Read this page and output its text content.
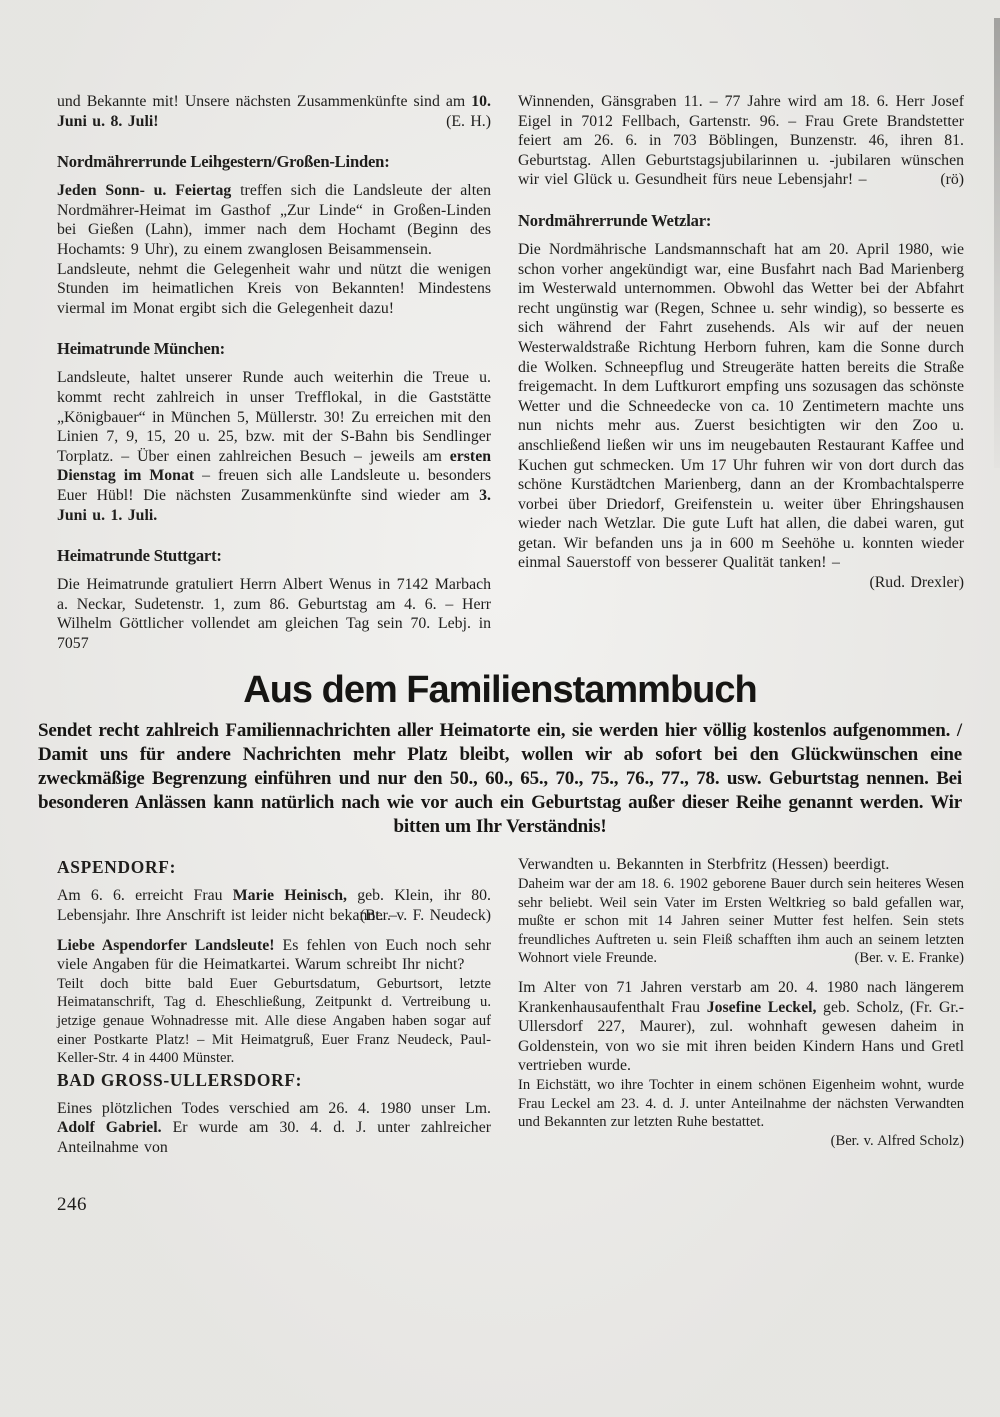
und Bekannte mit! Unsere nächsten Zusammenkünfte sind am 10. Juni u. 8. Juli!	(E. H.)
Nordmährerrunde Leihgestern/Großen-Linden:
Jeden Sonn- u. Feiertag treffen sich die Landsleute der alten Nordmährer-Heimat im Gasthof „Zur Linde“ in Großen-Linden bei Gießen (Lahn), immer nach dem Hochamt (Beginn des Hochamts: 9 Uhr), zu einem zwanglosen Beisammensein.
Landsleute, nehmt die Gelegenheit wahr und nützt die wenigen Stunden im heimatlichen Kreis von Bekannten! Mindestens viermal im Monat ergibt sich die Gelegenheit dazu!
Heimatrunde München:
Landsleute, haltet unserer Runde auch weiterhin die Treue u. kommt recht zahlreich in unser Trefflokal, in die Gaststätte „Königbauer“ in München 5, Müllerstr. 30! Zu erreichen mit den Linien 7, 9, 15, 20 u. 25, bzw. mit der S-Bahn bis Sendlinger Torplatz. – Über einen zahlreichen Besuch – jeweils am ersten Dienstag im Monat – freuen sich alle Landsleute u. besonders Euer Hübl! Die nächsten Zusammenkünfte sind wieder am 3. Juni u. 1. Juli.
Heimatrunde Stuttgart:
Die Heimatrunde gratuliert Herrn Albert Wenus in 7142 Marbach a. Neckar, Sudetenstr. 1, zum 86. Geburtstag am 4. 6. – Herr Wilhelm Göttlicher vollendet am gleichen Tag sein 70. Lebj. in 7057
Winnenden, Gänsgraben 11. – 77 Jahre wird am 18. 6. Herr Josef Eigel in 7012 Fellbach, Gartenstr. 96. – Frau Grete Brandstetter feiert am 26. 6. in 703 Böblingen, Bunzenstr. 46, ihren 81. Geburtstag. Allen Geburtstagsjubilarinnen u. -jubilaren wünschen wir viel Glück u. Gesundheit fürs neue Lebensjahr! –	(rö)
Nordmährerrunde Wetzlar:
Die Nordmährische Landsmannschaft hat am 20. April 1980, wie schon vorher angekündigt war, eine Busfahrt nach Bad Marienberg im Westerwald unternommen. Obwohl das Wetter bei der Abfahrt recht ungünstig war (Regen, Schnee u. sehr windig), so besserte es sich während der Fahrt zusehends. Als wir auf der neuen Westerwaldstraße Richtung Herborn fuhren, kam die Sonne durch die Wolken. Schneepflug und Streugeräte hatten bereits die Straße freigemacht. In dem Luftkurort empfing uns sozusagen das schönste Wetter und die Schneedecke von ca. 10 Zentimetern machte uns nun nichts mehr aus. Zuerst besichtigten wir den Zoo u. anschließend ließen wir uns im neugebauten Restaurant Kaffee und Kuchen gut schmecken. Um 17 Uhr fuhren wir von dort durch das schöne Kurstädtchen Marienberg, dann an der Krombachtalsperre vorbei über Driedorf, Greifenstein u. weiter über Ehringshausen wieder nach Wetzlar. Die gute Luft hat allen, die dabei waren, gut getan. Wir befanden uns ja in 600 m Seehöhe u. konnten wieder einmal Sauerstoff von besserer Qualität tanken! –
(Rud. Drexler)
Aus dem Familienstammbuch
Sendet recht zahlreich Familiennachrichten aller Heimatorte ein, sie werden hier völlig kostenlos aufgenommen. / Damit uns für andere Nachrichten mehr Platz bleibt, wollen wir ab sofort bei den Glückwünschen eine zweckmäßige Begrenzung einführen und nur den 50., 60., 65., 70., 75., 76., 77., 78. usw. Geburtstag nennen. Bei besonderen Anlässen kann natürlich nach wie vor auch ein Geburtstag außer dieser Reihe genannt werden. Wir bitten um Ihr Verständnis!
ASPENDORF:
Am 6. 6. erreicht Frau Marie Heinisch, geb. Klein, ihr 80. Lebensjahr. Ihre Anschrift ist leider nicht bekannt. –
(Ber. v. F. Neudeck)
Liebe Aspendorfer Landsleute! Es fehlen von Euch noch sehr viele Angaben für die Heimatkartei. Warum schreibt Ihr nicht?
Teilt doch bitte bald Euer Geburtsdatum, Geburtsort, letzte Heimatanschrift, Tag d. Eheschließung, Zeitpunkt d. Vertreibung u. jetzige genaue Wohnadresse mit. Alle diese Angaben haben sogar auf einer Postkarte Platz! – Mit Heimatgruß, Euer Franz Neudeck, Paul-Keller-Str. 4 in 4400 Münster.
BAD GROSS-ULLERSDORF:
Eines plötzlichen Todes verschied am 26. 4. 1980 unser Lm. Adolf Gabriel. Er wurde am 30. 4. d. J. unter zahlreicher Anteilnahme von
Verwandten u. Bekannten in Sterbfritz (Hessen) beerdigt.
Daheim war der am 18. 6. 1902 geborene Bauer durch sein heiteres Wesen sehr beliebt. Weil sein Vater im Ersten Weltkrieg so bald gefallen war, mußte er schon mit 14 Jahren seiner Mutter fest helfen. Sein stets freundliches Auftreten u. sein Fleiß schafften ihm auch an seinem letzten Wohnort viele Freunde.	(Ber. v. E. Franke)
Im Alter von 71 Jahren verstarb am 20. 4. 1980 nach längerem Krankenhausaufenthalt Frau Josefine Leckel, geb. Scholz, (Fr. Gr.-Ullersdorf 227, Maurer), zul. wohnhaft gewesen daheim in Goldenstein, von wo sie mit ihren beiden Kindern Hans und Gretl vertrieben wurde.
In Eichstätt, wo ihre Tochter in einem schönen Eigenheim wohnt, wurde Frau Leckel am 23. 4. d. J. unter Anteilnahme der nächsten Verwandten und Bekannten zur letzten Ruhe bestattet.
(Ber. v. Alfred Scholz)
246
